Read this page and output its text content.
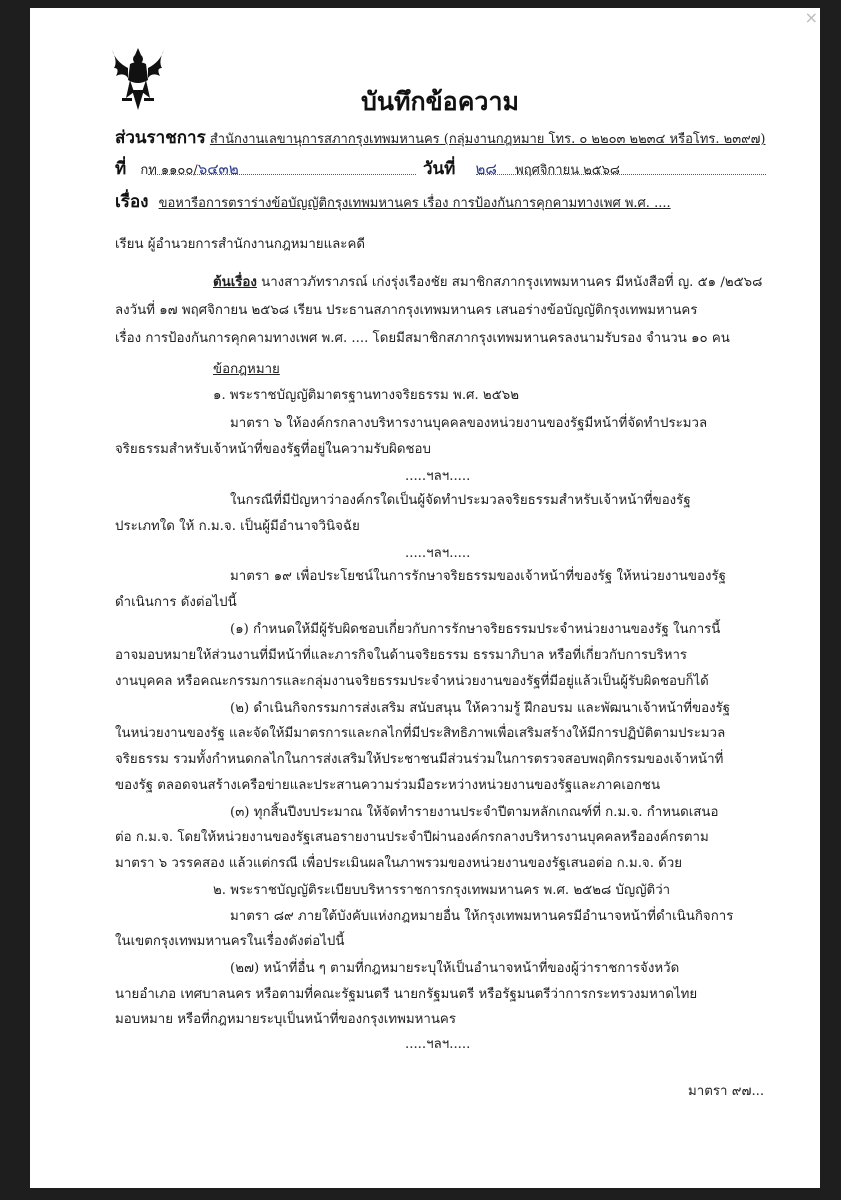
×
บันทึกข้อความ
ส่วนราชการ สำนักงานเลขานุการสภากรุงเทพมหานคร (กลุ่มงานกฎหมาย โทร. ๐ ๒๒๐๓ ๒๒๓๔ หรือโทร. ๒๓๙๗)
ที่ กท ๑๑๐๐/๖๔๓๒	วันที่ ๒๘ พฤศจิกายน ๒๕๖๘
เรื่อง ขอหารือการตราร่างข้อบัญญัติกรุงเทพมหานคร เรื่อง การป้องกันการคุกคามทางเพศ พ.ศ. ....
เรียน ผู้อำนวยการสำนักงานกฎหมายและคดี
ต้นเรื่อง นางสาวภัทราภรณ์ เก่งรุ่งเรืองชัย สมาชิกสภากรุงเทพมหานคร มีหนังสือที่ ญ. ๕๑ /๒๕๖๘
ลงวันที่ ๑๗ พฤศจิกายน ๒๕๖๘ เรียน ประธานสภากรุงเทพมหานคร เสนอร่างข้อบัญญัติกรุงเทพมหานคร
เรื่อง การป้องกันการคุกคามทางเพศ พ.ศ. .... โดยมีสมาชิกสภากรุงเทพมหานครลงนามรับรอง จำนวน ๑๐ คน
ข้อกฎหมาย
๑. พระราชบัญญัติมาตรฐานทางจริยธรรม พ.ศ. ๒๕๖๒
มาตรา ๖ ให้องค์กรกลางบริหารงานบุคคลของหน่วยงานของรัฐมีหน้าที่จัดทำประมวล
จริยธรรมสำหรับเจ้าหน้าที่ของรัฐที่อยู่ในความรับผิดชอบ
.....ฯลฯ.....
ในกรณีที่มีปัญหาว่าองค์กรใดเป็นผู้จัดทำประมวลจริยธรรมสำหรับเจ้าหน้าที่ของรัฐ
ประเภทใด ให้ ก.ม.จ. เป็นผู้มีอำนาจวินิจฉัย
.....ฯลฯ.....
มาตรา ๑๙ เพื่อประโยชน์ในการรักษาจริยธรรมของเจ้าหน้าที่ของรัฐ ให้หน่วยงานของรัฐ
ดำเนินการ ดังต่อไปนี้
(๑) กำหนดให้มีผู้รับผิดชอบเกี่ยวกับการรักษาจริยธรรมประจำหน่วยงานของรัฐ ในการนี้
อาจมอบหมายให้ส่วนงานที่มีหน้าที่และภารกิจในด้านจริยธรรม ธรรมาภิบาล หรือที่เกี่ยวกับการบริหาร
งานบุคคล หรือคณะกรรมการและกลุ่มงานจริยธรรมประจำหน่วยงานของรัฐที่มีอยู่แล้วเป็นผู้รับผิดชอบก็ได้
(๒) ดำเนินกิจกรรมการส่งเสริม สนับสนุน ให้ความรู้ ฝึกอบรม และพัฒนาเจ้าหน้าที่ของรัฐ
ในหน่วยงานของรัฐ และจัดให้มีมาตรการและกลไกที่มีประสิทธิภาพเพื่อเสริมสร้างให้มีการปฏิบัติตามประมวล
จริยธรรม รวมทั้งกำหนดกลไกในการส่งเสริมให้ประชาชนมีส่วนร่วมในการตรวจสอบพฤติกรรมของเจ้าหน้าที่
ของรัฐ ตลอดจนสร้างเครือข่ายและประสานความร่วมมือระหว่างหน่วยงานของรัฐและภาคเอกชน
(๓) ทุกสิ้นปีงบประมาณ ให้จัดทำรายงานประจำปีตามหลักเกณฑ์ที่ ก.ม.จ. กำหนดเสนอ
ต่อ ก.ม.จ. โดยให้หน่วยงานของรัฐเสนอรายงานประจำปีผ่านองค์กรกลางบริหารงานบุคคลหรือองค์กรตาม
มาตรา ๖ วรรคสอง แล้วแต่กรณี เพื่อประเมินผลในภาพรวมของหน่วยงานของรัฐเสนอต่อ ก.ม.จ. ด้วย
๒. พระราชบัญญัติระเบียบบริหารราชการกรุงเทพมหานคร พ.ศ. ๒๕๒๘ บัญญัติว่า
มาตรา ๘๙ ภายใต้บังคับแห่งกฎหมายอื่น ให้กรุงเทพมหานครมีอำนาจหน้าที่ดำเนินกิจการ
ในเขตกรุงเทพมหานครในเรื่องดังต่อไปนี้
(๒๗) หน้าที่อื่น ๆ ตามที่กฎหมายระบุให้เป็นอำนาจหน้าที่ของผู้ว่าราชการจังหวัด
นายอำเภอ เทศบาลนคร หรือตามที่คณะรัฐมนตรี นายกรัฐมนตรี หรือรัฐมนตรีว่าการกระทรวงมหาดไทย
มอบหมาย หรือที่กฎหมายระบุเป็นหน้าที่ของกรุงเทพมหานคร
.....ฯลฯ.....
มาตรา ๙๗...
